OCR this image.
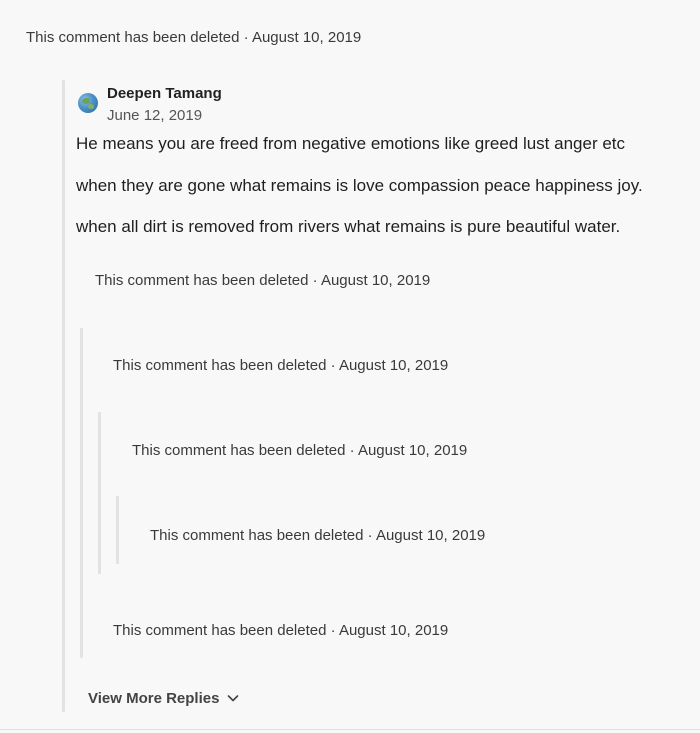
This comment has been deleted · August 10, 2019
Deepen Tamang
June 12, 2019
He means you are freed from negative emotions like greed lust anger etc
when they are gone what remains is love compassion peace happiness joy.
when all dirt is removed from rivers what remains is pure beautiful water.
This comment has been deleted · August 10, 2019
This comment has been deleted · August 10, 2019
This comment has been deleted · August 10, 2019
This comment has been deleted · August 10, 2019
This comment has been deleted · August 10, 2019
View More Replies
